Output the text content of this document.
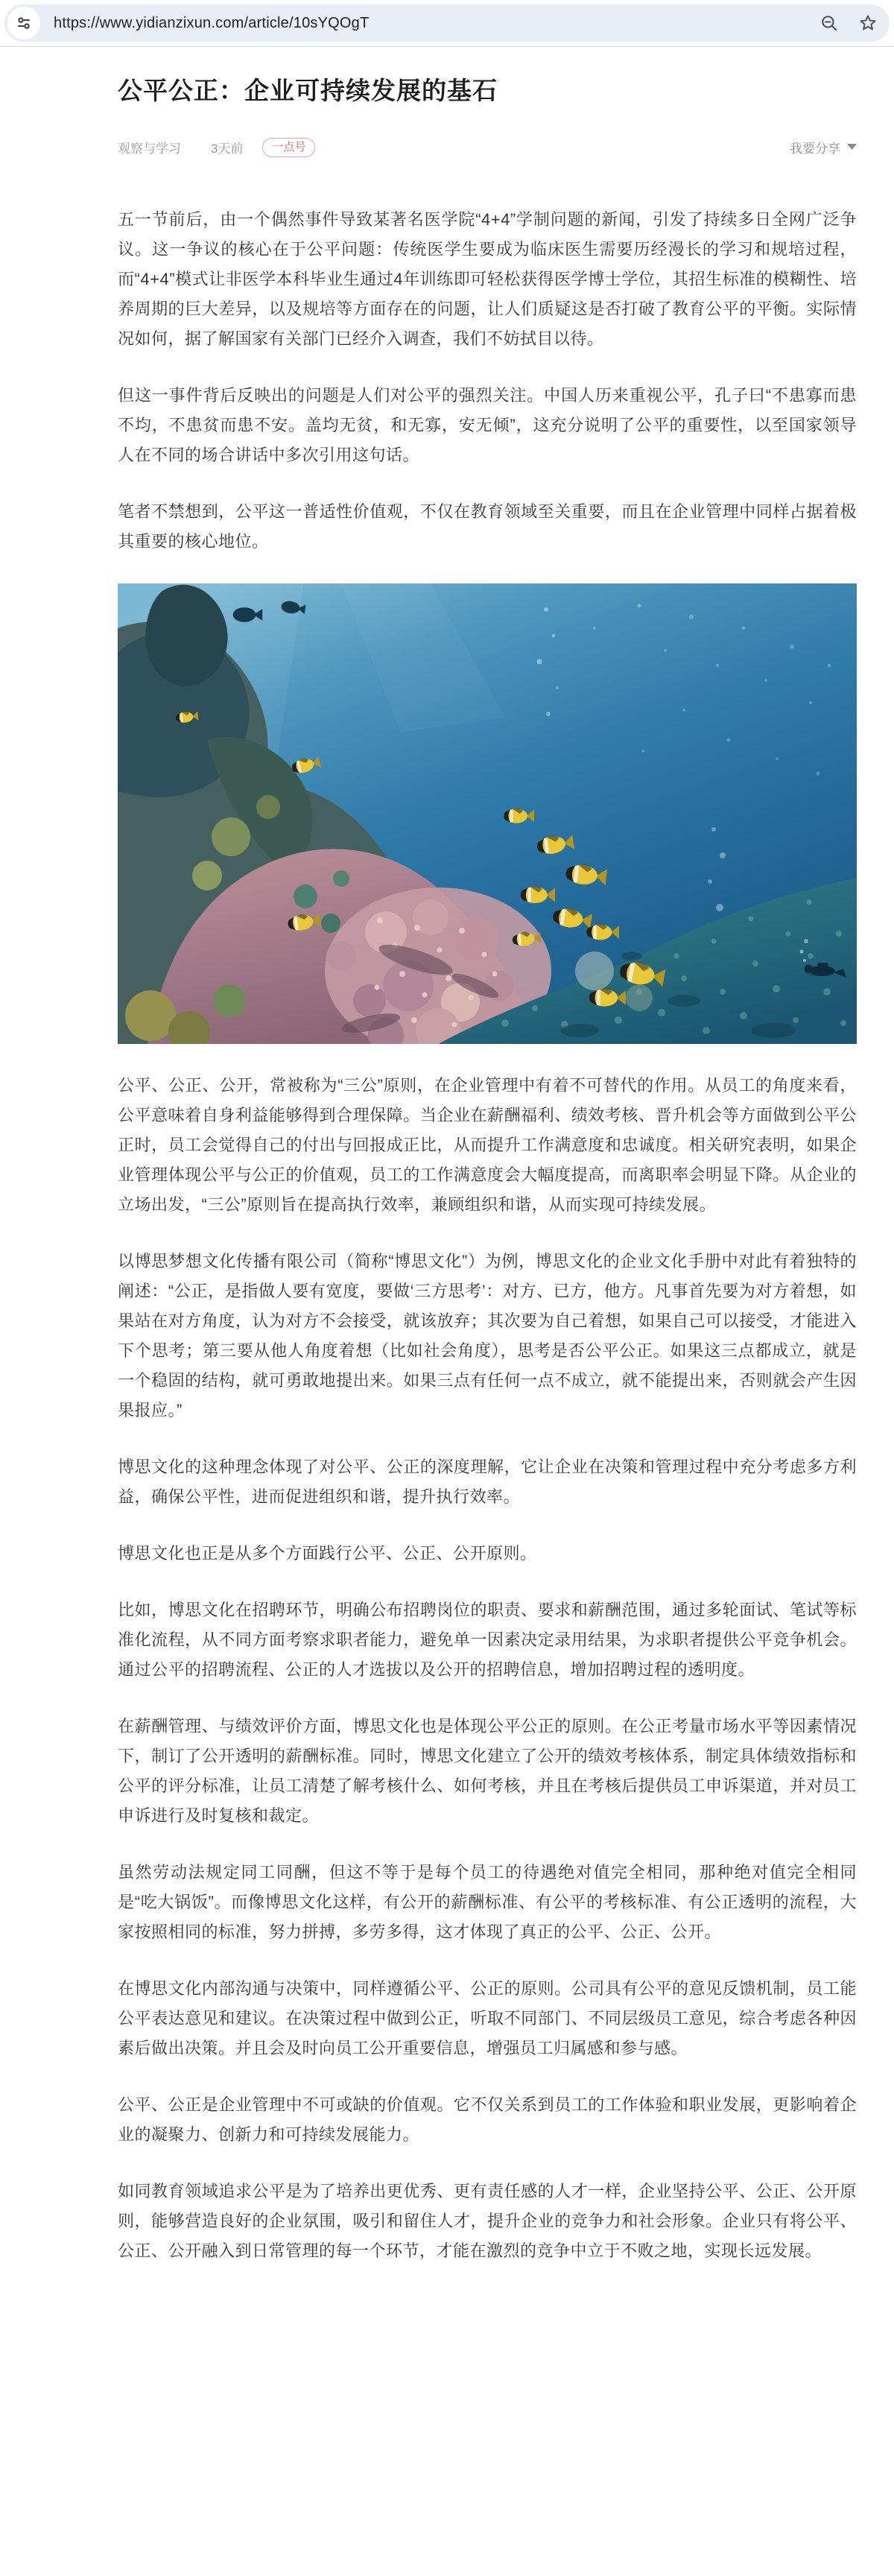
https://www.yidianzixun.com/article/10sYQOgT
公平公正：企业可持续发展的基石
观察与学习 3天前	一点号	我要分享

五一节前后，由一个偶然事件导致某著名医学院“4+4”学制问题的新闻，引发了持续多日全网广泛争议。这一争议的核心在于公平问题：传统医学生要成为临床医生需要历经漫长的学习和规培过程，而“4+4”模式让非医学本科毕业生通过4年训练即可轻松获得医学博士学位，其招生标准的模糊性、培养周期的巨大差异，以及规培等方面存在的问题，让人们质疑这是否打破了教育公平的平衡。实际情况如何，据了解国家有关部门已经介入调查，我们不妨拭目以待。

但这一事件背后反映出的问题是人们对公平的强烈关注。中国人历来重视公平，孔子曰“不患寡而患不均，不患贫而患不安。盖均无贫，和无寡，安无倾”，这充分说明了公平的重要性，以至国家领导人在不同的场合讲话中多次引用这句话。

笔者不禁想到，公平这一普适性价值观，不仅在教育领域至关重要，而且在企业管理中同样占据着极其重要的核心地位。

公平、公正、公开，常被称为“三公”原则，在企业管理中有着不可替代的作用。从员工的角度来看，公平意味着自身利益能够得到合理保障。当企业在薪酬福利、绩效考核、晋升机会等方面做到公平公正时，员工会觉得自己的付出与回报成正比，从而提升工作满意度和忠诚度。相关研究表明，如果企业管理体现公平与公正的价值观，员工的工作满意度会大幅度提高，而离职率会明显下降。从企业的立场出发，“三公”原则旨在提高执行效率，兼顾组织和谐，从而实现可持续发展。

以博思梦想文化传播有限公司（简称“博思文化”）为例，博思文化的企业文化手册中对此有着独特的阐述：“公正，是指做人要有宽度，要做‘三方思考’：对方、已方，他方。凡事首先要为对方着想，如果站在对方角度，认为对方不会接受，就该放弃；其次要为自己着想，如果自己可以接受，才能进入下个思考；第三要从他人角度着想（比如社会角度），思考是否公平公正。如果这三点都成立，就是一个稳固的结构，就可勇敢地提出来。如果三点有任何一点不成立，就不能提出来，否则就会产生因果报应。”

博思文化的这种理念体现了对公平、公正的深度理解，它让企业在决策和管理过程中充分考虑多方利益，确保公平性，进而促进组织和谐，提升执行效率。

博思文化也正是从多个方面践行公平、公正、公开原则。

比如，博思文化在招聘环节，明确公布招聘岗位的职责、要求和薪酬范围，通过多轮面试、笔试等标准化流程，从不同方面考察求职者能力，避免单一因素决定录用结果，为求职者提供公平竞争机会。通过公平的招聘流程、公正的人才选拔以及公开的招聘信息，增加招聘过程的透明度。

在薪酬管理、与绩效评价方面，博思文化也是体现公平公正的原则。在公正考量市场水平等因素情况下，制订了公开透明的薪酬标准。同时，博思文化建立了公开的绩效考核体系，制定具体绩效指标和公平的评分标准，让员工清楚了解考核什么、如何考核，并且在考核后提供员工申诉渠道，并对员工申诉进行及时复核和裁定。

虽然劳动法规定同工同酬，但这不等于是每个员工的待遇绝对值完全相同，那种绝对值完全相同是“吃大锅饭”。而像博思文化这样，有公开的薪酬标准、有公平的考核标准、有公正透明的流程，大家按照相同的标准，努力拼搏，多劳多得，这才体现了真正的公平、公正、公开。

在博思文化内部沟通与决策中，同样遵循公平、公正的原则。公司具有公平的意见反馈机制，员工能公平表达意见和建议。在决策过程中做到公正，听取不同部门、不同层级员工意见，综合考虑各种因素后做出决策。并且会及时向员工公开重要信息，增强员工归属感和参与感。

公平、公正是企业管理中不可或缺的价值观。它不仅关系到员工的工作体验和职业发展，更影响着企业的凝聚力、创新力和可持续发展能力。

如同教育领域追求公平是为了培养出更优秀、更有责任感的人才一样，企业坚持公平、公正、公开原则，能够营造良好的企业氛围，吸引和留住人才，提升企业的竞争力和社会形象。企业只有将公平、公正、公开融入到日常管理的每一个环节，才能在激烈的竞争中立于不败之地，实现长远发展。
